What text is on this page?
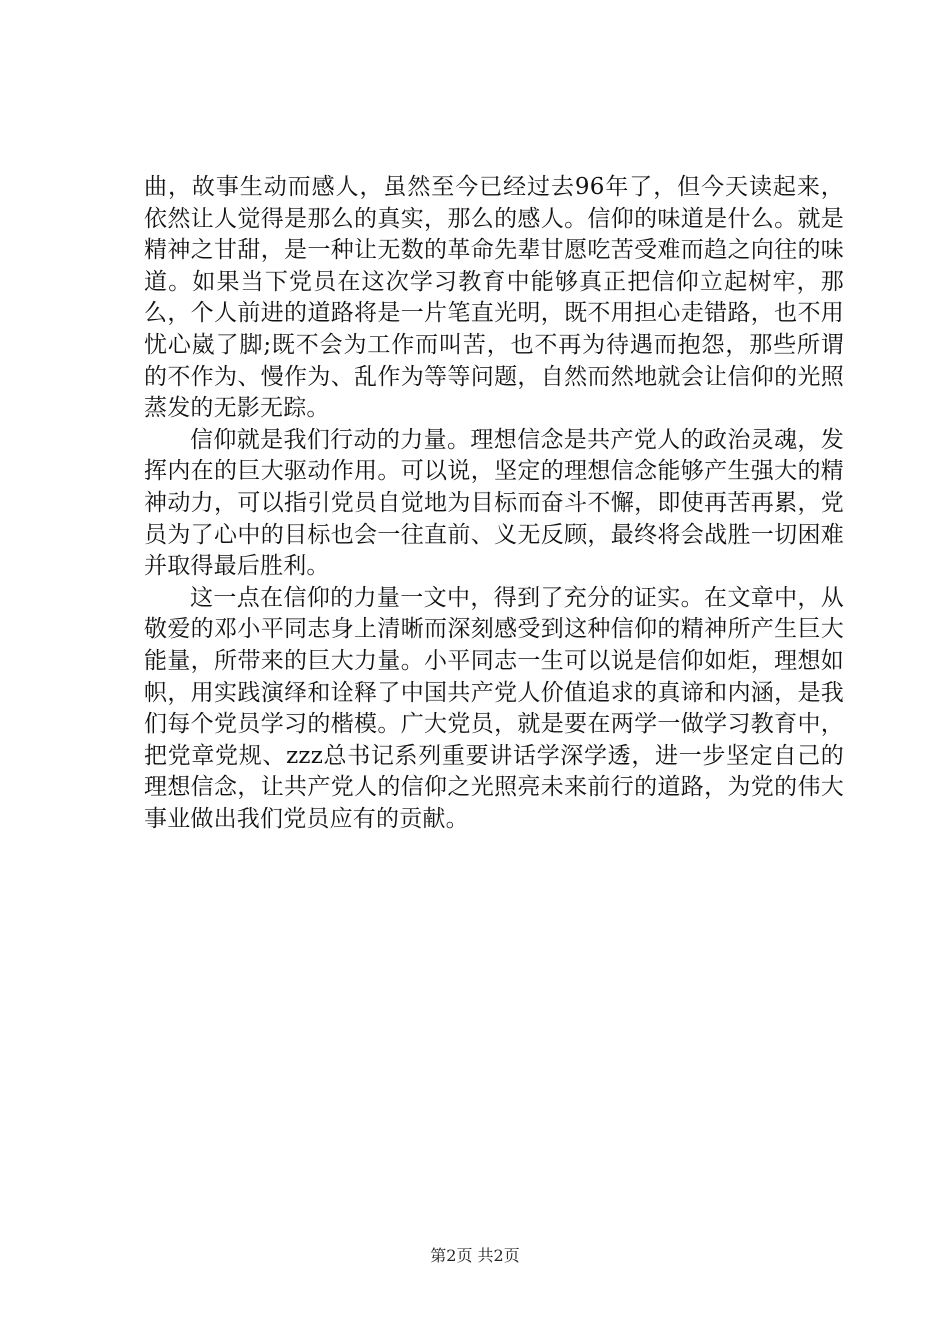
曲，故事生动而感人，虽然至今已经过去96年了，但今天读起来，依然让人觉得是那么的真实，那么的感人。信仰的味道是什么。就是精神之甘甜，是一种让无数的革命先辈甘愿吃苦受难而趋之向往的味道。如果当下党员在这次学习教育中能够真正把信仰立起树牢，那么，个人前进的道路将是一片笔直光明，既不用担心走错路，也不用忧心崴了脚;既不会为工作而叫苦，也不再为待遇而抱怨，那些所谓的不作为、慢作为、乱作为等等问题，自然而然地就会让信仰的光照蒸发的无影无踪。

信仰就是我们行动的力量。理想信念是共产党人的政治灵魂，发挥内在的巨大驱动作用。可以说，坚定的理想信念能够产生强大的精神动力，可以指引党员自觉地为目标而奋斗不懈，即使再苦再累，党员为了心中的目标也会一往直前、义无反顾，最终将会战胜一切困难并取得最后胜利。

这一点在信仰的力量一文中，得到了充分的证实。在文章中，从敬爱的邓小平同志身上清晰而深刻感受到这种信仰的精神所产生巨大能量，所带来的巨大力量。小平同志一生可以说是信仰如炬，理想如帜，用实践演绎和诠释了中国共产党人价值追求的真谛和内涵，是我们每个党员学习的楷模。广大党员，就是要在两学一做学习教育中，把党章党规、zzz总书记系列重要讲话学深学透，进一步坚定自己的理想信念，让共产党人的信仰之光照亮未来前行的道路，为党的伟大事业做出我们党员应有的贡献。

第2页 共2页
